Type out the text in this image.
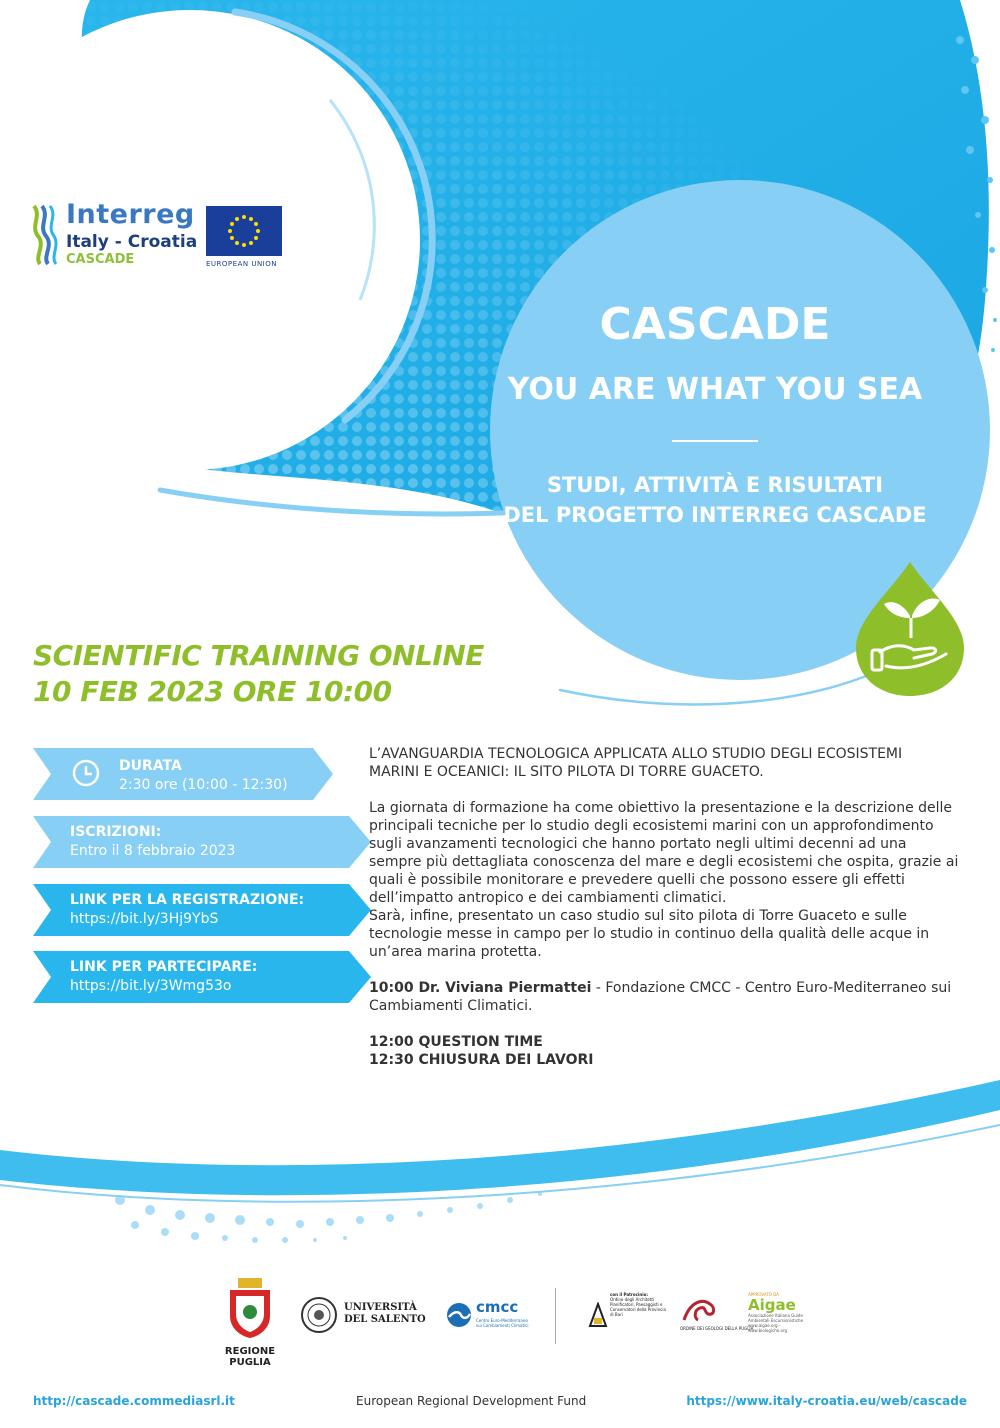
Interreg
Italy - Croatia
CASCADE	EUROPEAN UNION
CASCADE
YOU ARE WHAT YOU SEA
STUDI, ATTIVITÀ E RISULTATI
DEL PROGETTO INTERREG CASCADE
SCIENTIFIC TRAINING ONLINE
10 FEB 2023 ORE 10:00
DURATA
2:30 ore (10:00 - 12:30)
ISCRIZIONI:
Entro il 8 febbraio 2023
LINK PER LA REGISTRAZIONE:
https://bit.ly/3Hj9YbS
LINK PER PARTECIPARE:
https://bit.ly/3Wmg53o
L’AVANGUARDIA TECNOLOGICA APPLICATA ALLO STUDIO DEGLI ECOSISTEMI
MARINI E OCEANICI: IL SITO PILOTA DI TORRE GUACETO.
La giornata di formazione ha come obiettivo la presentazione e la descrizione delle
principali tecniche per lo studio degli ecosistemi marini con un approfondimento
sugli avanzamenti tecnologici che hanno portato negli ultimi decenni ad una
sempre più dettagliata conoscenza del mare e degli ecosistemi che ospita, grazie ai
quali è possibile monitorare e prevedere quelli che possono essere gli effetti
dell’impatto antropico e dei cambiamenti climatici.
Sarà, infine, presentato un caso studio sul sito pilota di Torre Guaceto e sulle
tecnologie messe in campo per lo studio in continuo della qualità delle acque in
un’area marina protetta.
10:00 Dr. Viviana Piermattei - Fondazione CMCC - Centro Euro-Mediterraneo sui
Cambiamenti Climatici.
12:00 QUESTION TIME
12:30 CHIUSURA DEI LAVORI
REGIONE PUGLIA
UNIVERSITÀ
DEL SALENTO
cmcc
Centro Euro-Mediterraneo
sui Cambiamenti Climatici
con il Patrocinio:
Ordine degli Architetti
Pianificatori, Paesaggisti e
Conservatori della Provincia di Bari
ORDINE DEI GEOLOGI DELLA PUGLIA
APPROVATO DA
Aigae
Associazione Italiana Guide
Ambientali Escursionistiche
www.aigae.org - www.biologiche.org
http://cascade.commediasrl.it	European Regional Development Fund	https://www.italy-croatia.eu/web/cascade
